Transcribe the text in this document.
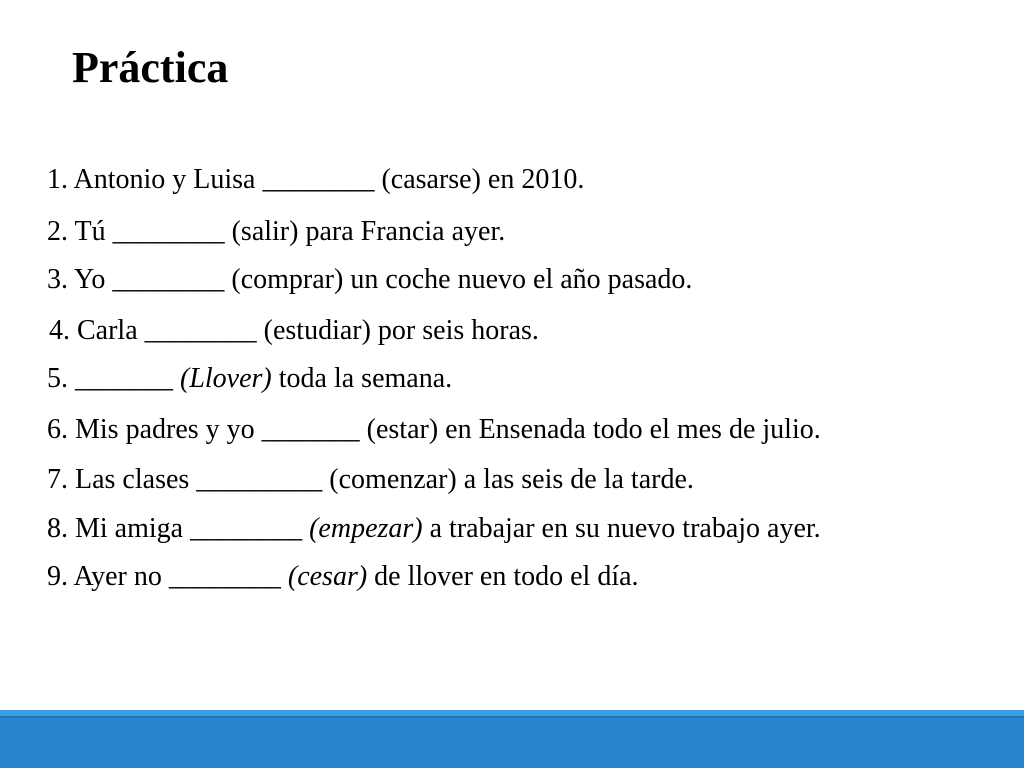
Práctica
1. Antonio y Luisa ________ (casarse) en 2010.
2. Tú ________ (salir) para Francia ayer.
3. Yo ________ (comprar) un coche nuevo el año pasado.
4. Carla ________ (estudiar) por seis horas.
5. _______ (Llover) toda la semana.
6. Mis padres y yo _______ (estar) en Ensenada todo el mes de julio.
7. Las clases _________ (comenzar) a las seis de la tarde.
8. Mi amiga ________ (empezar) a trabajar en su nuevo trabajo ayer.
9. Ayer no ________ (cesar) de llover en todo el día.
